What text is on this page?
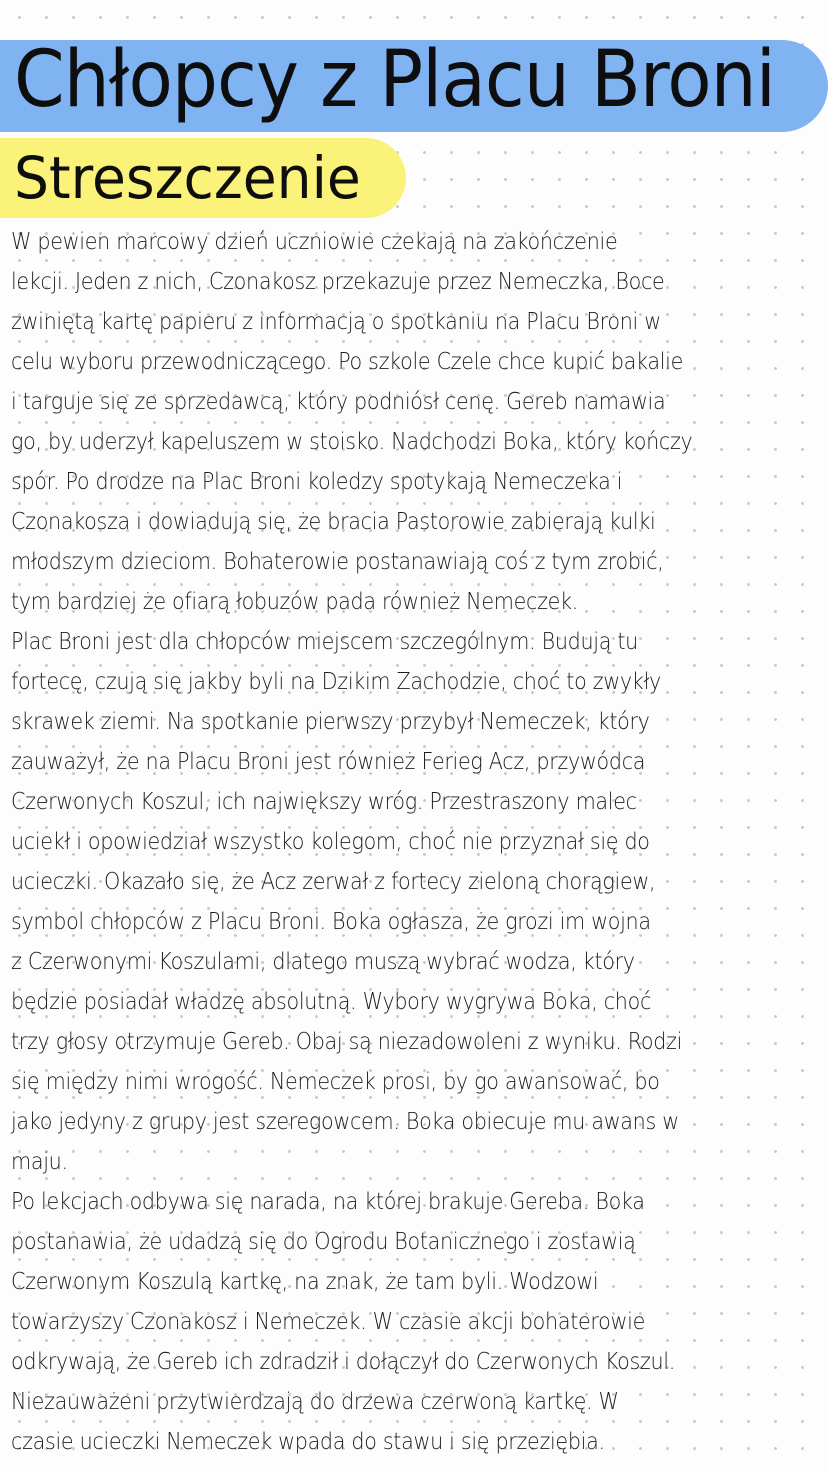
Chłopcy z Placu Broni
Streszczenie
W pewien marcowy dzień uczniowie czekają na zakończenie
lekcji. Jeden z nich, Czonakosz przekazuje przez Nemeczka, Boce
zwiniętą kartę papieru z informacją o spotkaniu na Placu Broni w
celu wyboru przewodniczącego. Po szkole Czele chce kupić bakalie
i targuje się ze sprzedawcą, który podniósł cenę. Gereb namawia
go, by uderzył kapeluszem w stoisko. Nadchodzi Boka, który kończy
spór. Po drodze na Plac Broni koledzy spotykają Nemeczeka i
Czonakosza i dowiadują się, że bracia Pastorowie zabierają kulki
młodszym dzieciom. Bohaterowie postanawiają coś z tym zrobić,
tym bardziej że ofiarą łobuzów pada również Nemeczek.
Plac Broni jest dla chłopców miejscem szczególnym. Budują tu
fortecę, czują się jakby byli na Dzikim Zachodzie, choć to zwykły
skrawek ziemi. Na spotkanie pierwszy przybył Nemeczek, który
zauważył, że na Placu Broni jest również Ferieg Acz, przywódca
Czerwonych Koszul, ich największy wróg. Przestraszony malec
uciekł i opowiedział wszystko kolegom, choć nie przyznał się do
ucieczki. Okazało się, że Acz zerwał z fortecy zieloną chorągiew,
symbol chłopców z Placu Broni. Boka ogłasza, że grozi im wojna
z Czerwonymi Koszulami, dlatego muszą wybrać wodza, który
będzie posiadał władzę absolutną. Wybory wygrywa Boka, choć
trzy głosy otrzymuje Gereb. Obaj są niezadowoleni z wyniku. Rodzi
się między nimi wrogość. Nemeczek prosi, by go awansować, bo
jako jedyny z grupy jest szeregowcem. Boka obiecuje mu awans w
maju.
Po lekcjach odbywa się narada, na której brakuje Gereba. Boka
postanawia, że udadzą się do Ogrodu Botanicznego i zostawią
Czerwonym Koszulą kartkę, na znak, że tam byli. Wodzowi
towarzyszy Czonakosz i Nemeczek. W czasie akcji bohaterowie
odkrywają, że Gereb ich zdradził i dołączył do Czerwonych Koszul.
Niezauważeni przytwierdzają do drzewa czerwoną kartkę. W
czasie ucieczki Nemeczek wpada do stawu i się przeziębia.
